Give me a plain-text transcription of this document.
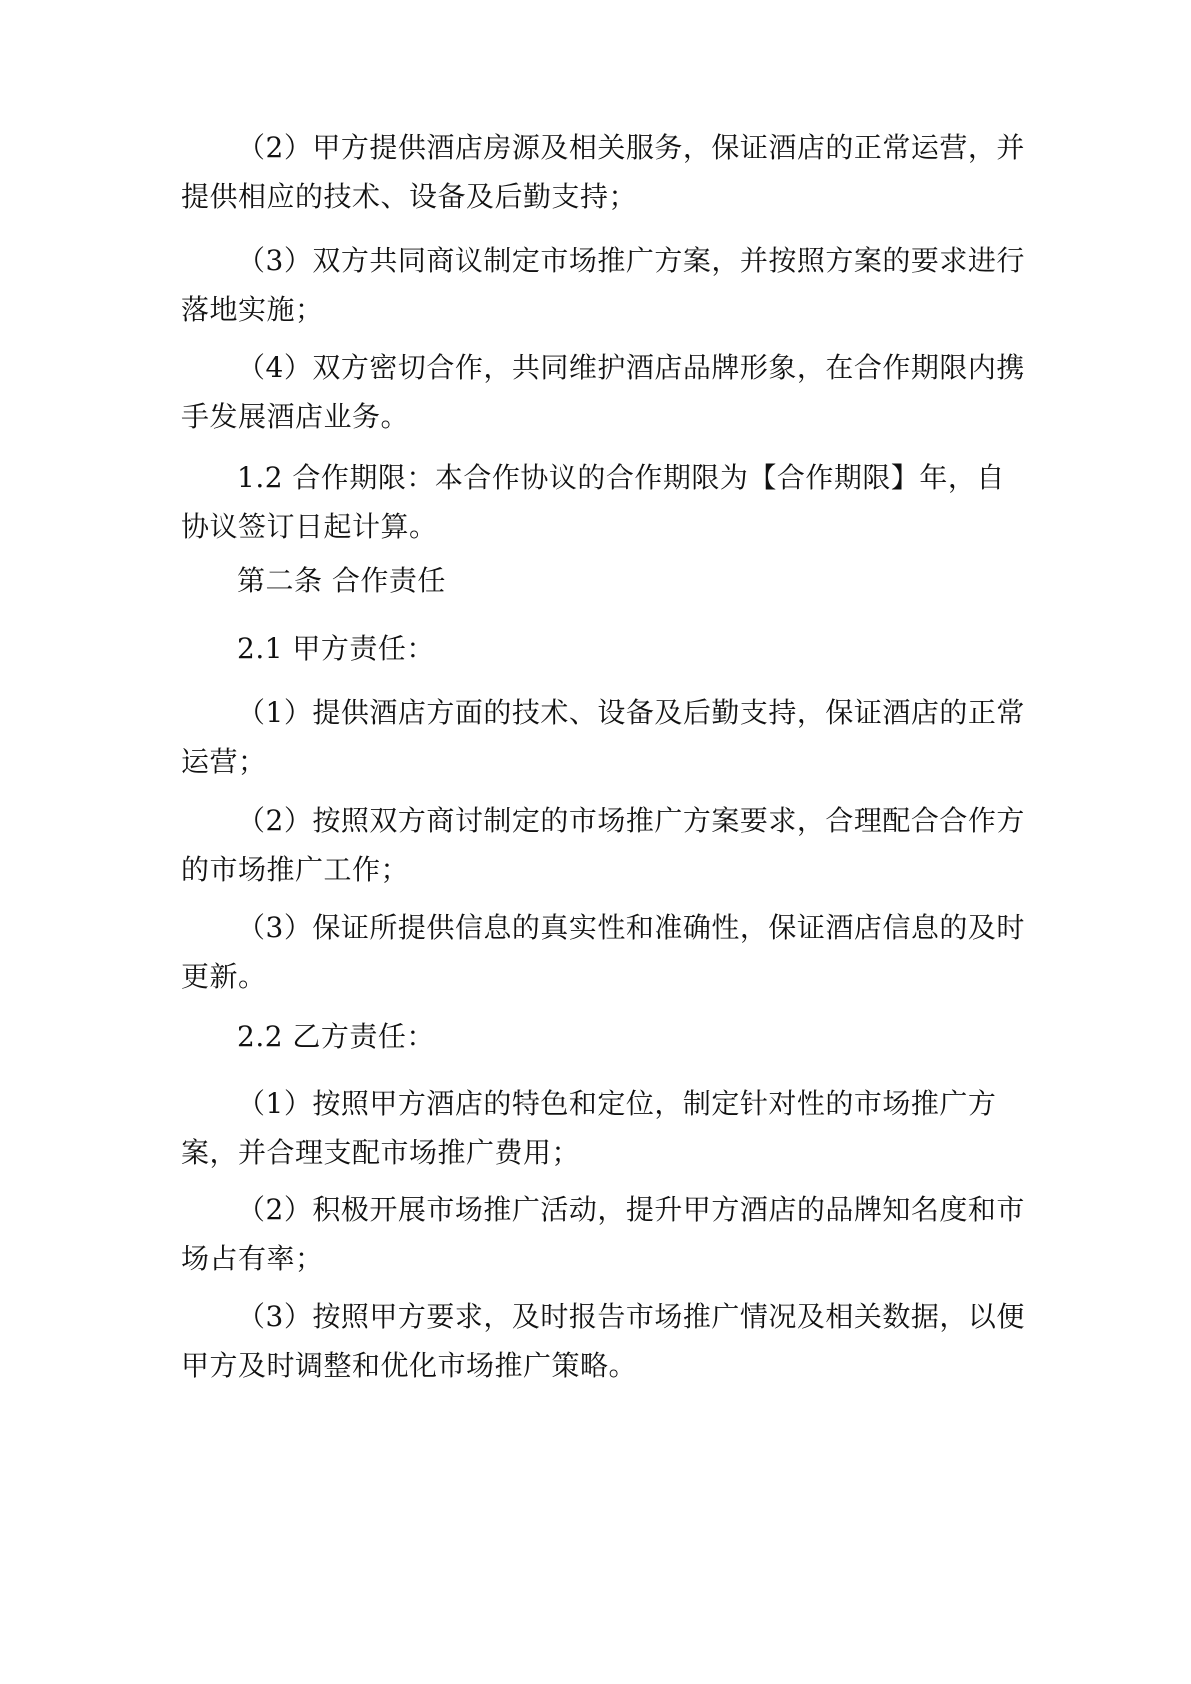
（2）甲方提供酒店房源及相关服务，保证酒店的正常运营，并提供相应的技术、设备及后勤支持；

（3）双方共同商议制定市场推广方案，并按照方案的要求进行落地实施；

（4）双方密切合作，共同维护酒店品牌形象，在合作期限内携手发展酒店业务。

1.2 合作期限：本合作协议的合作期限为【合作期限】年，自协议签订日起计算。

第二条 合作责任

2.1 甲方责任：

（1）提供酒店方面的技术、设备及后勤支持，保证酒店的正常运营；

（2）按照双方商讨制定的市场推广方案要求，合理配合合作方的市场推广工作；

（3）保证所提供信息的真实性和准确性，保证酒店信息的及时更新。

2.2 乙方责任：

（1）按照甲方酒店的特色和定位，制定针对性的市场推广方案，并合理支配市场推广费用；

（2）积极开展市场推广活动，提升甲方酒店的品牌知名度和市场占有率；

（3）按照甲方要求，及时报告市场推广情况及相关数据，以便甲方及时调整和优化市场推广策略。
